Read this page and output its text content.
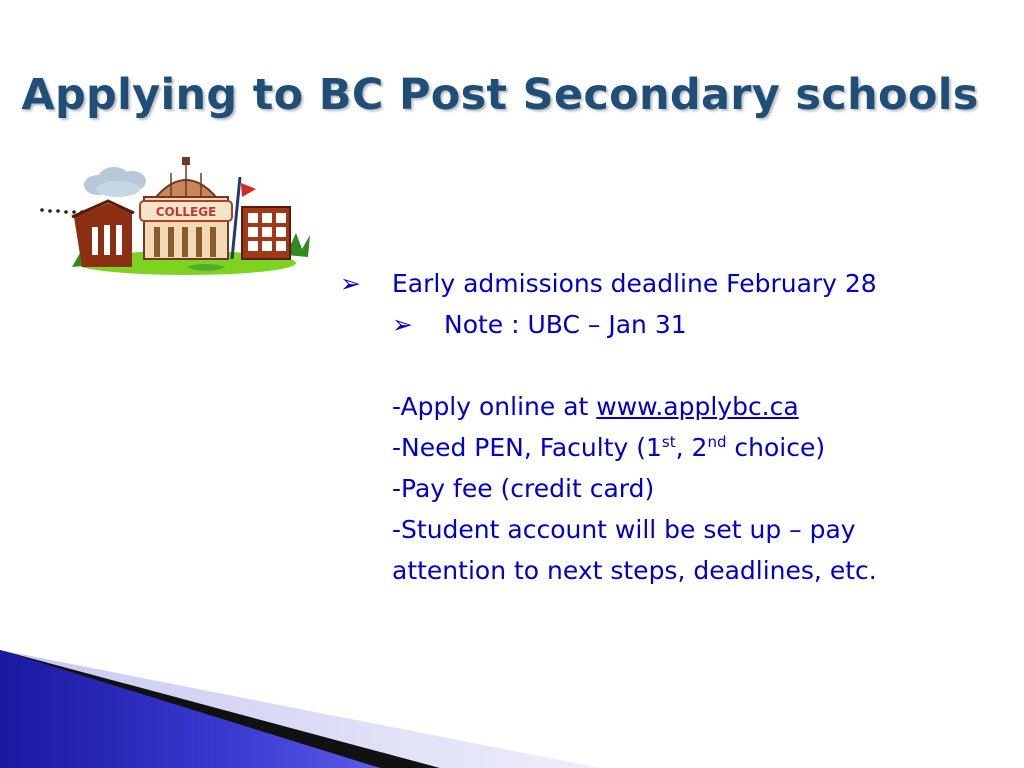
Applying to BC Post Secondary schools
COLLEGE
➢ Early admissions deadline February 28
➢ Note : UBC – Jan 31
-Apply online at www.applybc.ca
-Need PEN, Faculty (1st, 2nd choice)
-Pay fee (credit card)
-Student account will be set up – pay
attention to next steps, deadlines, etc.
